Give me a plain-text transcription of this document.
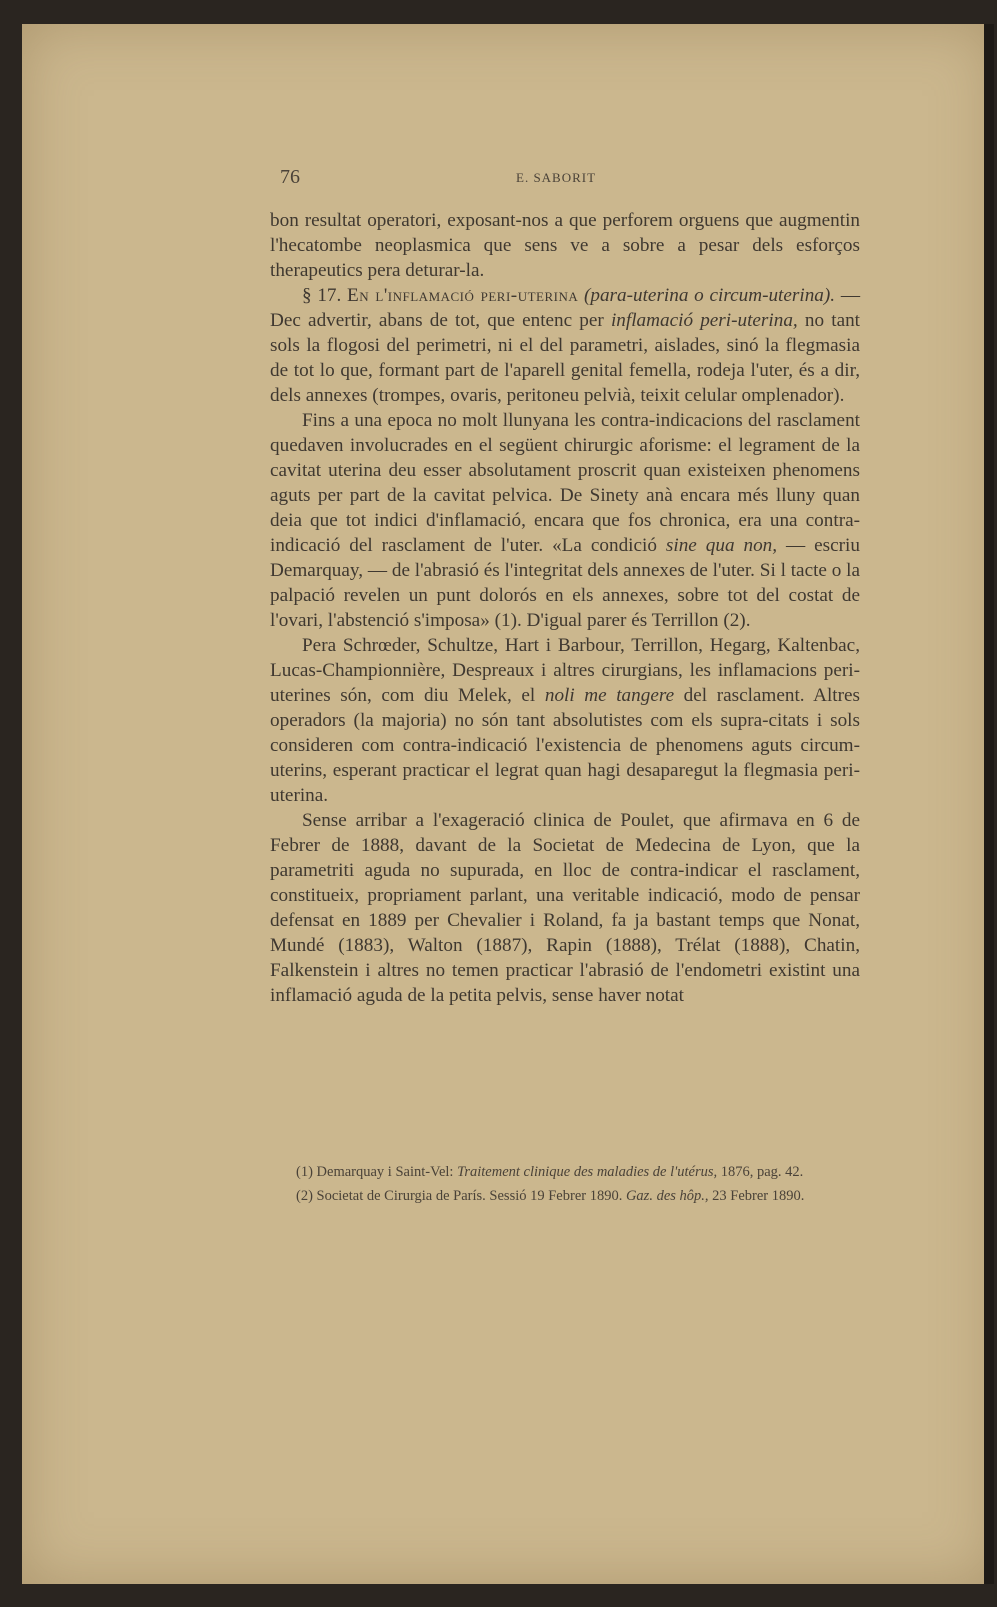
76	E. SABORIT

bon resultat operatori, exposant-nos a que perforem orguens que augmentin l'hecatombe neoplasmica que sens ve a sobre a pesar dels esforços therapeutics pera deturar-la.

§ 17. En l'inflamació peri-uterina (para-uterina o circum-uterina). — Dec advertir, abans de tot, que entenc per inflamació peri-uterina, no tant sols la flogosi del perimetri, ni el del parametri, aislades, sinó la flegmasia de tot lo que, formant part de l'aparell genital femella, rodeja l'uter, és a dir, dels annexes (trompes, ovaris, peritoneu pelvià, teixit celular omplenador).

Fins a una epoca no molt llunyana les contra-indicacions del rasclament quedaven involucrades en el següent chirurgic aforisme: el legrament de la cavitat uterina deu esser absolutament proscrit quan existeixen phenomens aguts per part de la cavitat pelvica. De Sinety anà encara més lluny quan deia que tot indici d'inflamació, encara que fos chronica, era una contra-indicació del rasclament de l'uter. «La condició sine qua non, — escriu Demarquay, — de l'abrasió és l'integritat dels annexes de l'uter. Si l tacte o la palpació revelen un punt dolorós en els annexes, sobre tot del costat de l'ovari, l'abstenció s'imposa» (1). D'igual parer és Terrillon (2).

Pera Schrœder, Schultze, Hart i Barbour, Terrillon, Hegarg, Kaltenbac, Lucas-Championnière, Despreaux i altres cirurgians, les inflamacions peri-uterines són, com diu Melek, el noli me tangere del rasclament. Altres operadors (la majoria) no són tant absolutistes com els supra-citats i sols consideren com contra-indicació l'existencia de phenomens aguts circum-uterins, esperant practicar el legrat quan hagi desaparegut la flegmasia peri-uterina.

Sense arribar a l'exageració clinica de Poulet, que afirmava en 6 de Febrer de 1888, davant de la Societat de Medecina de Lyon, que la parametriti aguda no supurada, en lloc de contra-indicar el rasclament, constitueix, propriament parlant, una veritable indicació, modo de pensar defensat en 1889 per Chevalier i Roland, fa ja bastant temps que Nonat, Mundé (1883), Walton (1887), Rapin (1888), Trélat (1888), Chatin, Falkenstein i altres no temen practicar l'abrasió de l'endometri existint una inflamació aguda de la petita pelvis, sense haver notat

(1) Demarquay i Saint-Vel: Traitement clinique des maladies de l'utérus, 1876, pag. 42.

(2) Societat de Cirurgia de París. Sessió 19 Febrer 1890. Gaz. des hôp., 23 Febrer 1890.
